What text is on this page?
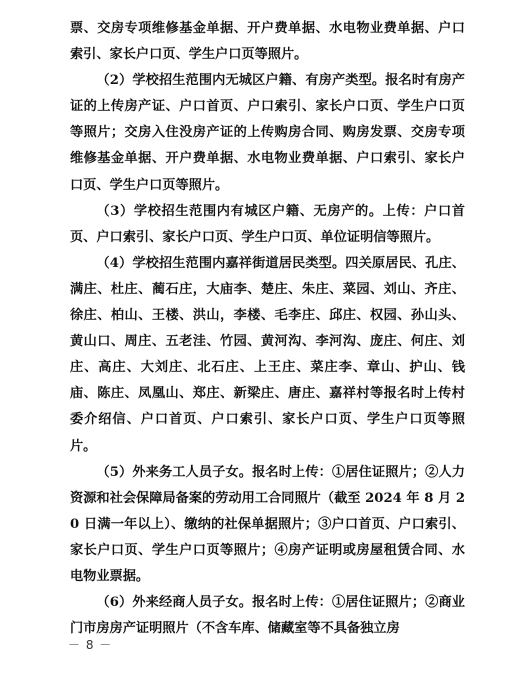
票、交房专项维修基金单据、开户费单据、水电物业费单据、户口索引、家长户口页、学生户口页等照片。

（2）学校招生范围内无城区户籍、有房产类型。报名时有房产证的上传房产证、户口首页、户口索引、家长户口页、学生户口页等照片；交房入住没房产证的上传购房合同、购房发票、交房专项维修基金单据、开户费单据、水电物业费单据、户口索引、家长户口页、学生户口页等照片。

（3）学校招生范围内有城区户籍、无房产的。上传：户口首页、户口索引、家长户口页、学生户口页、单位证明信等照片。

（4）学校招生范围内嘉祥街道居民类型。四关原居民、孔庄、满庄、杜庄、蔺石庄，大庙李、楚庄、朱庄、菜园、刘山、齐庄、徐庄、柏山、王楼、洪山，李楼、毛李庄、邱庄、权园、孙山头、黄山口、周庄、五老洼、竹园、黄河沟、李河沟、庞庄、何庄、刘庄、高庄、大刘庄、北石庄、上王庄、菜庄李、章山、护山、钱庙、陈庄、凤凰山、郑庄、新梁庄、唐庄、嘉祥村等报名时上传村委介绍信、户口首页、户口索引、家长户口页、学生户口页等照片。

（5）外来务工人员子女。报名时上传：①居住证照片；②人力资源和社会保障局备案的劳动用工合同照片（截至 2024 年 8 月 20 日满一年以上）、缴纳的社保单据照片；③户口首页、户口索引、家长户口页、学生户口页等照片；④房产证明或房屋租赁合同、水电物业票据。

（6）外来经商人员子女。报名时上传：①居住证照片；②商业门市房房产证明照片（不含车库、储藏室等不具备独立房

－ 8 －
